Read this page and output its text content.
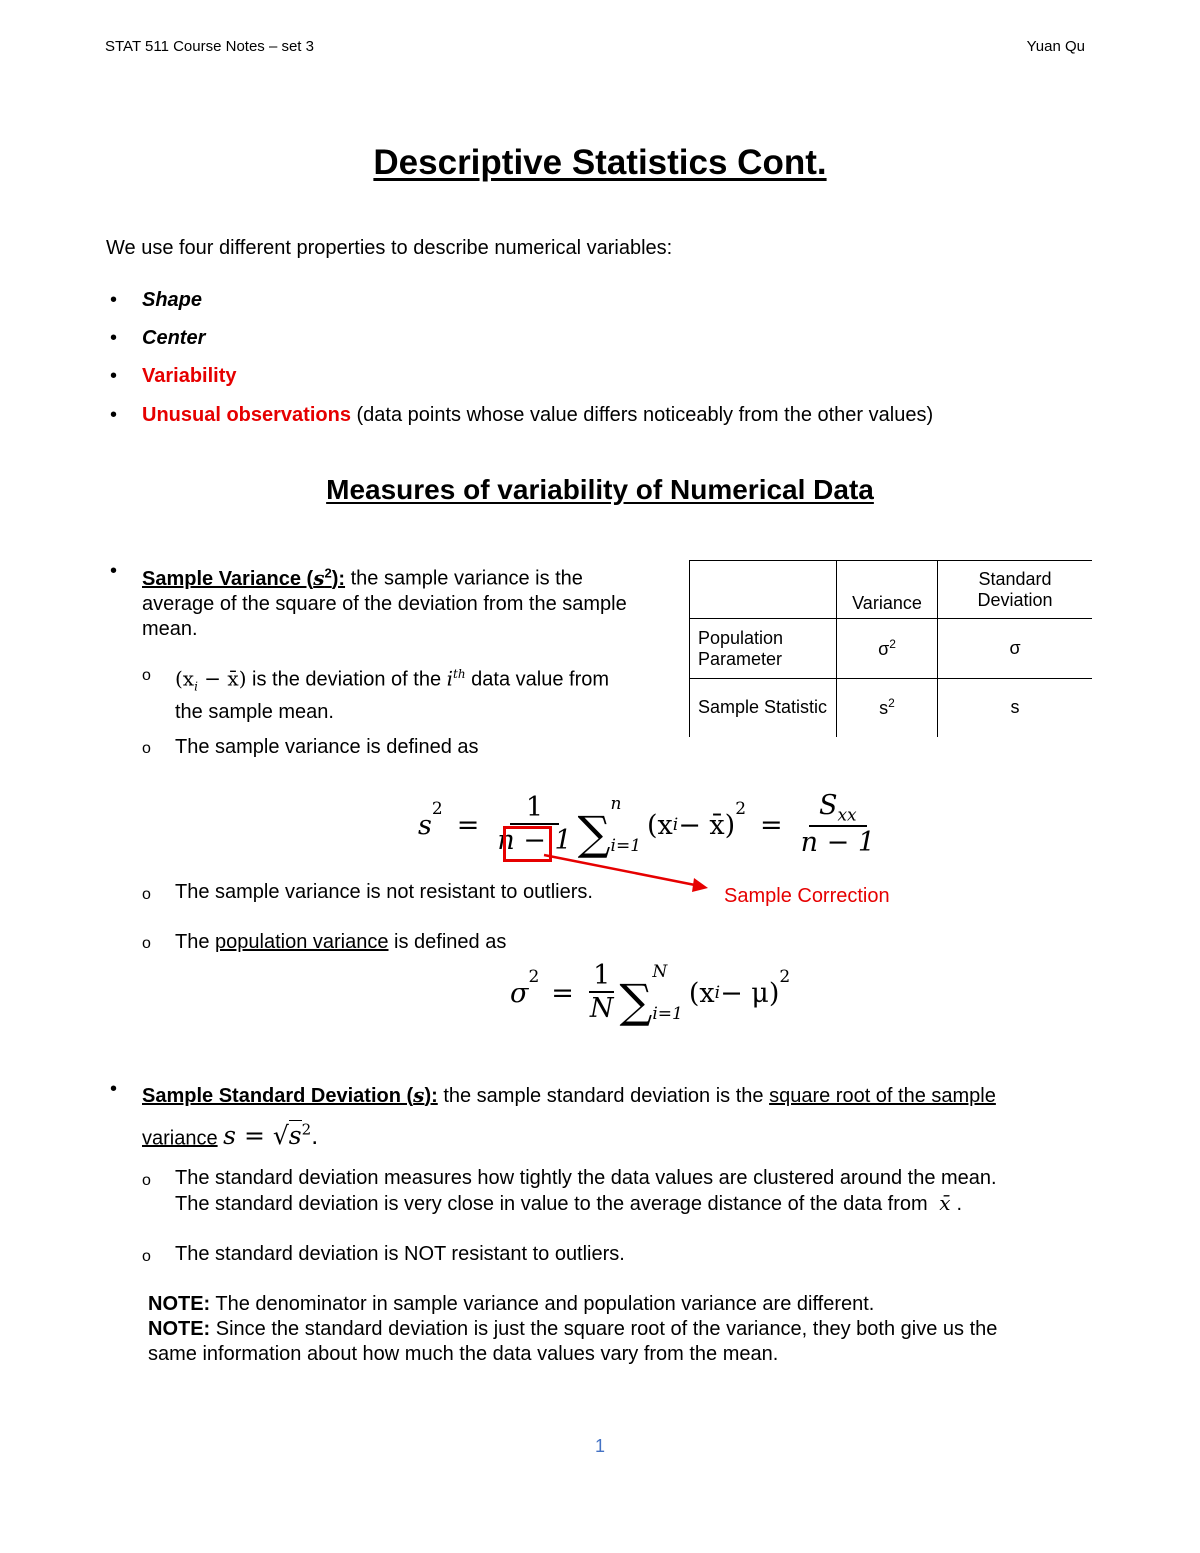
STAT 511 Course Notes – set 3	Yuan Qu
Descriptive Statistics Cont.
We use four different properties to describe numerical variables:
• Shape
• Center
• Variability
• Unusual observations (data points whose value differs noticeably from the other values)
Measures of variability of Numerical Data
• Sample Variance $(s^2)$: the sample variance is the
average of the square of the deviation from the sample
mean.
o ($x_i$ − x̄) is the deviation of the $i^{th}$ data value from
the sample mean.
o The sample variance is defined as
	Variance	Standard Deviation
Population Parameter	$\sigma^2$	σ
Sample Statistic	$s^2$	s
s
$^2$
= $\frac{1}{n - 1}$ ∑
n
i=1
(x i − x̄)
$^2$
= $\frac{S_{xx}}{n - 1}$
Sample Correction
o The sample variance is not resistant to outliers.
o The population variance is defined as
σ
$^2$
= $\frac{1}{N}$ ∑
N
i=1
(x i − μ)
$^2$
• Sample Standard Deviation (s): the sample standard deviation is the square root of the sample
variance $s = √s^2$.
o The standard deviation measures how tightly the data values are clustered around the mean.
The standard deviation is very close in value to the average distance of the data from x̄ .
o The standard deviation is NOT resistant to outliers.
NOTE: The denominator in sample variance and population variance are different.
NOTE: Since the standard deviation is just the square root of the variance, they both give us the
same information about how much the data values vary from the mean.
1
